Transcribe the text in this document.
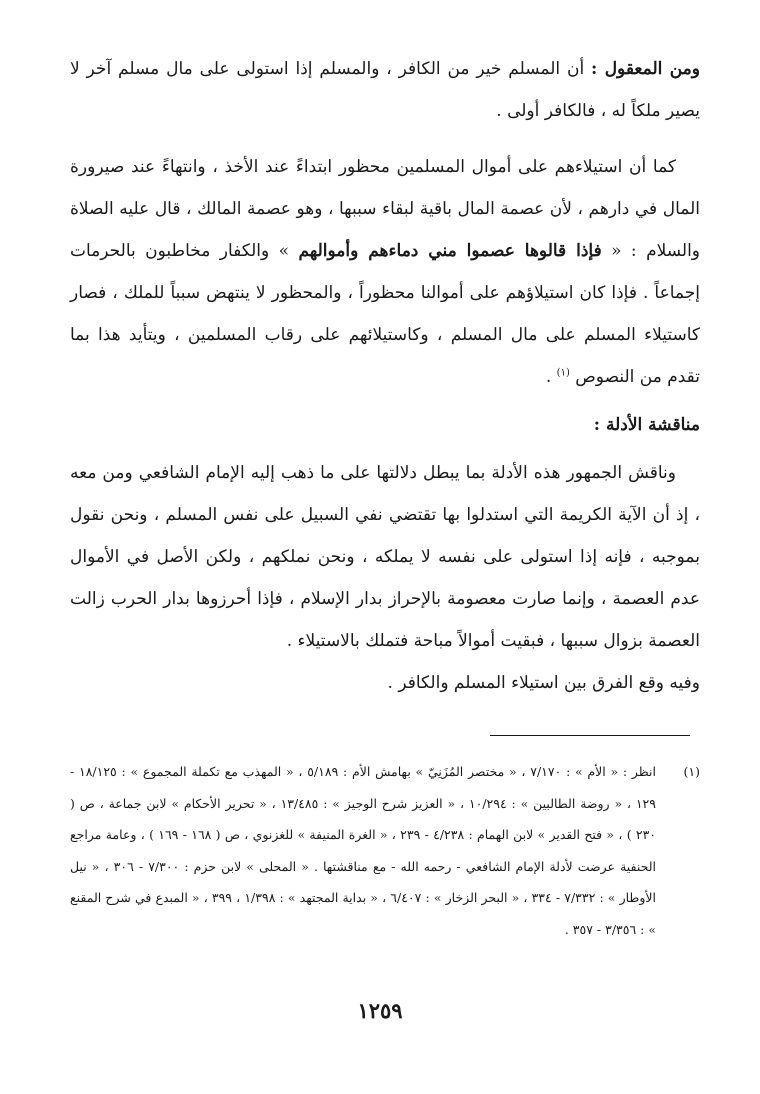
ومن المعقول : أن المسلم خير من الكافر ، والمسلم إذا استولى على مال مسلم آخر لا يصير ملكاً له ، فالكافر أولى .

كما أن استيلاءهم على أموال المسلمين محظور ابتداءً عند الأخذ ، وانتهاءً عند صيرورة المال في دارهم ، لأن عصمة المال باقية لبقاء سببها ، وهو عصمة المالك ، قال عليه الصلاة والسلام : « فإذا قالوها عصموا مني دماءهم وأموالهم » والكفار مخاطبون بالحرمات إجماعاً . فإذا كان استيلاؤهم على أموالنا محظوراً ، والمحظور لا ينتهض سبباً للملك ، فصار كاستيلاء المسلم على مال المسلم ، وكاستيلائهم على رقاب المسلمين ، ويتأيد هذا بما تقدم من النصوص $^{(١)}$ .

مناقشة الأدلة :

وناقش الجمهور هذه الأدلة بما يبطل دلالتها على ما ذهب إليه الإمام الشافعي ومن معه ، إذ أن الآية الكريمة التي استدلوا بها تقتضي نفي السبيل على نفس المسلم ، ونحن نقول بموجبه ، فإنه إذا استولى على نفسه لا يملكه ، ونحن نملكهم ، ولكن الأصل في الأموال عدم العصمة ، وإنما صارت معصومة بالإحراز بدار الإسلام ، فإذا أحرزوها بدار الحرب زالت العصمة بزوال سببها ، فبقيت أموالاً مباحة فتملك بالاستيلاء .

وفيه وقع الفرق بين استيلاء المسلم والكافر .

(١)
انظر : « الأم » : ٧/١٧٠ ، « مختصر المُزَنِيّ » بهامش الأم : ٥/١٨٩ ، « المهذب مع تكملة المجموع » : ١٨/١٢٥ - ١٢٩ ، « روضة الطالبين » : ١٠/٢٩٤ ، « العزيز شرح الوجيز » : ١٣/٤٨٥ ، « تحرير الأحكام » لابن جماعة ، ص ( ٢٣٠ ) ، « فتح القدير » لابن الهمام : ٤/٢٣٨ - ٢٣٩ ، « الغرة المنيفة » للغزنوي ، ص ( ١٦٨ - ١٦٩ ) ، وعامة مراجع الحنفية عرضت لأدلة الإمام الشافعي - رحمه الله - مع مناقشتها . « المحلى » لابن حزم : ٧/٣٠٠ - ٣٠٦ ، « نيل الأوطار » : ٧/٣٣٢ - ٣٣٤ ، « البحر الزخار » : ٦/٤٠٧ ، « بداية المجتهد » : ١/٣٩٨ ، ٣٩٩ ، « المبدع في شرح المقنع » : ٣/٣٥٦ - ٣٥٧ .
١٢٥٩
